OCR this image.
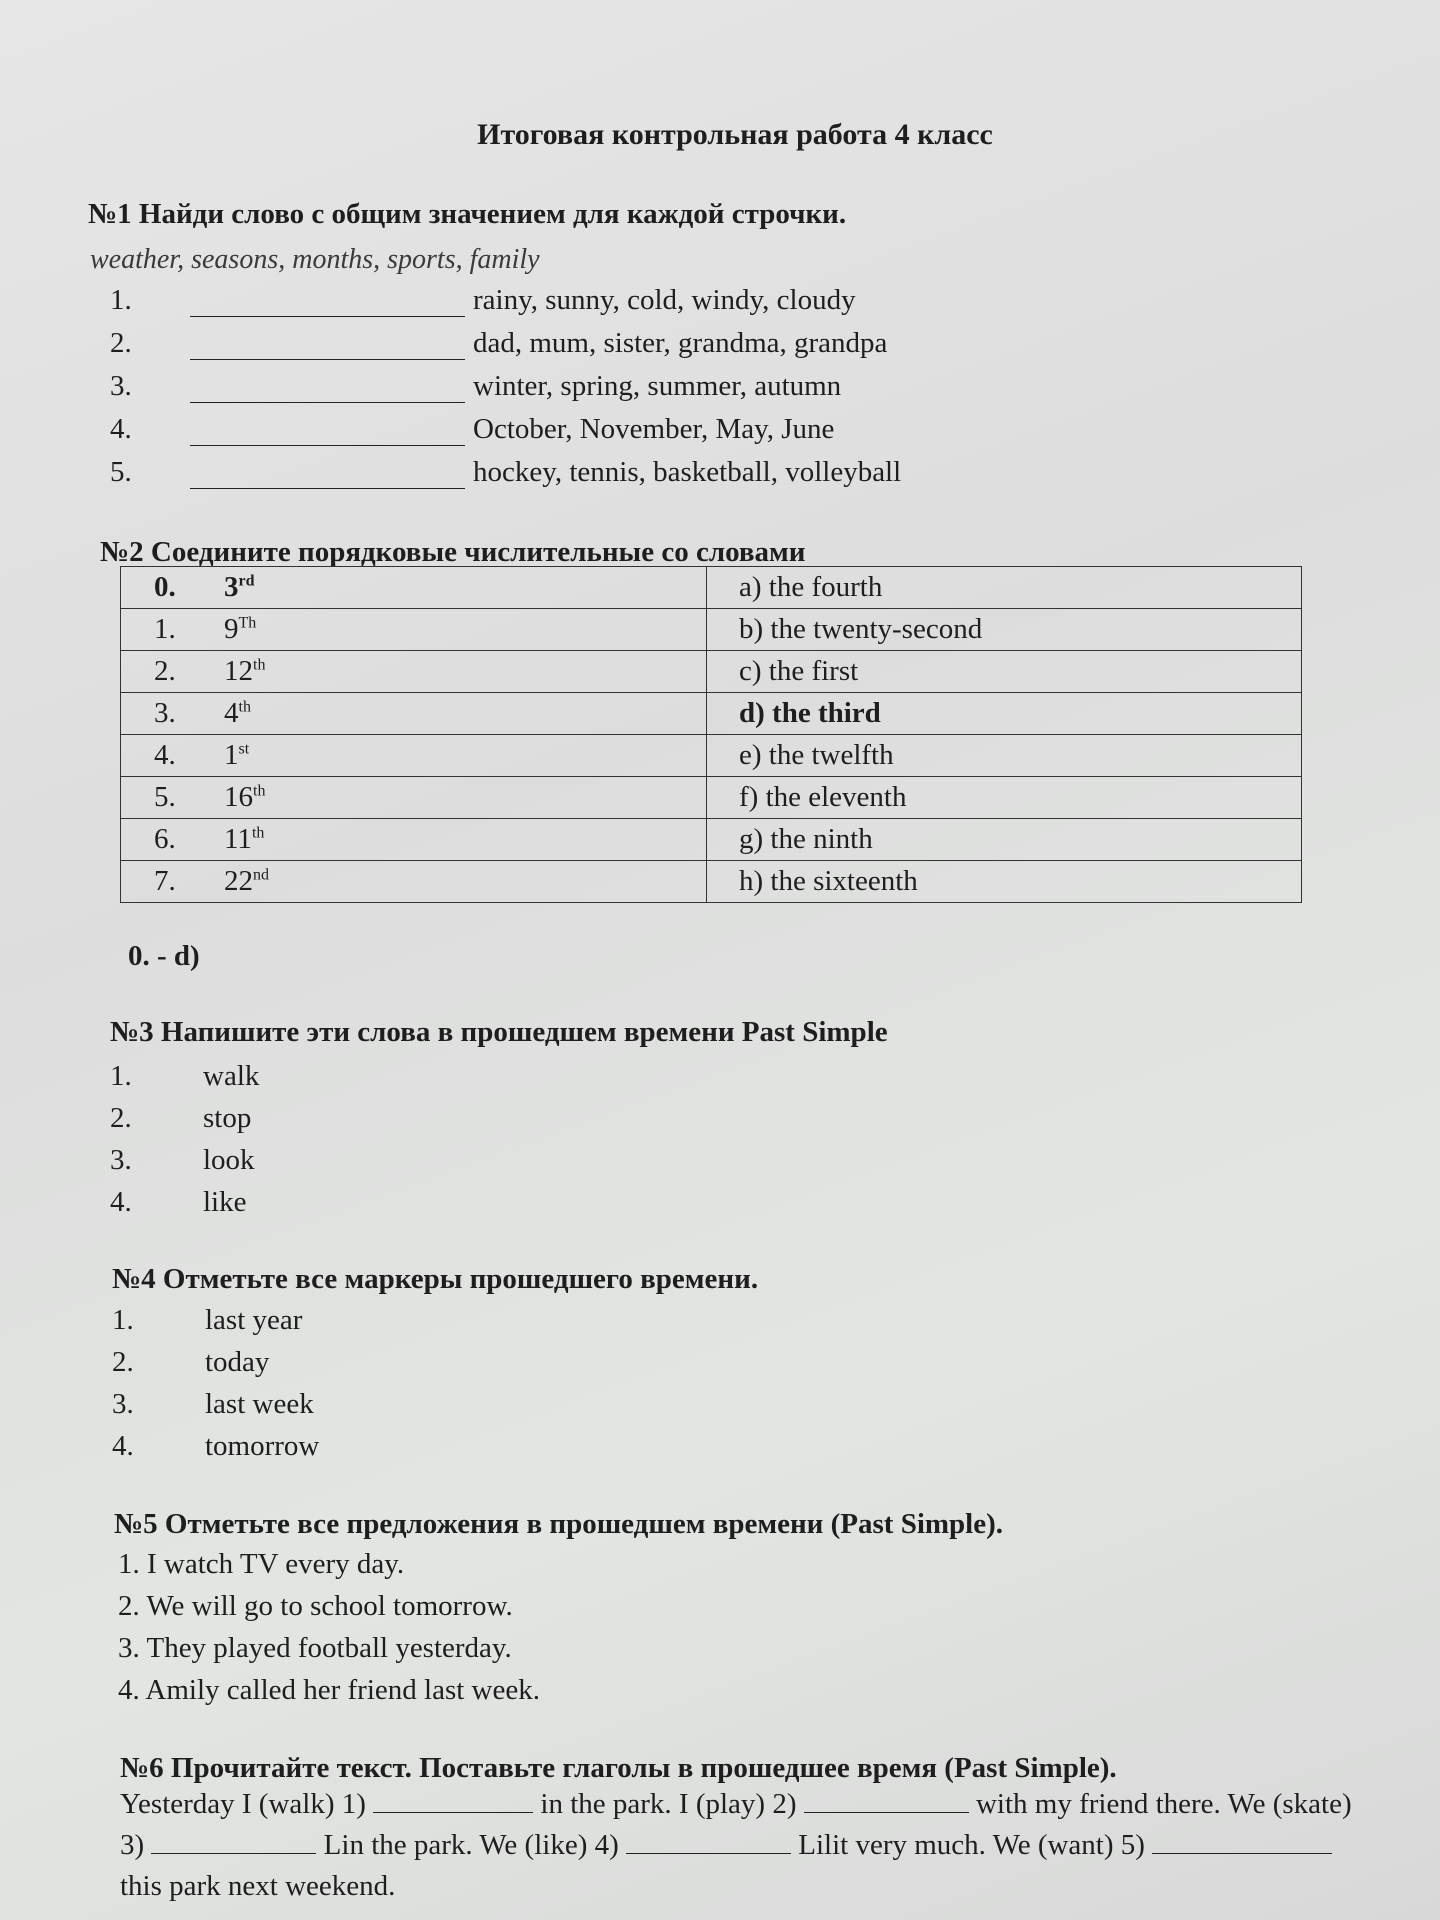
Итоговая контрольная работа 4 класс
№1 Найди слово с общим значением для каждой строчки.
weather, seasons, months, sports, family
1.	rainy, sunny, cold, windy, cloudy
2.	dad, mum, sister, grandma, grandpa
3.	winter, spring, summer, autumn
4.	October, November, May, June
5.	hockey, tennis, basketball, volleyball
№2 Соедините порядковые числительные со словами
0. 3rd	a) the fourth
1. 9Th	b) the twenty-second
2. 12th	c) the first
3. 4th	d) the third
4. 1st	e) the twelfth
5. 16th	f) the eleventh
6. 11th	g) the ninth
7. 22nd	h) the sixteenth
0. - d)
№3 Напишите эти слова в прошедшем времени Past Simple
1. walk
2. stop
3. look
4. like
№4 Отметьте все маркеры прошедшего времени.
1. last year
2. today
3. last week
4. tomorrow
№5 Отметьте все предложения в прошедшем времени (Past Simple).
1. I watch TV every day.
2. We will go to school tomorrow.
3. They played football yesterday.
4. Amily called her friend last week.
№6 Прочитайте текст. Поставьте глаголы в прошедшее время (Past Simple).
Yesterday I (walk) 1)	in the park. I (play) 2)	with my friend there. We (skate) 3)	Lin the park. We (like) 4)	Lilit very much. We (want) 5)  this park next weekend.
